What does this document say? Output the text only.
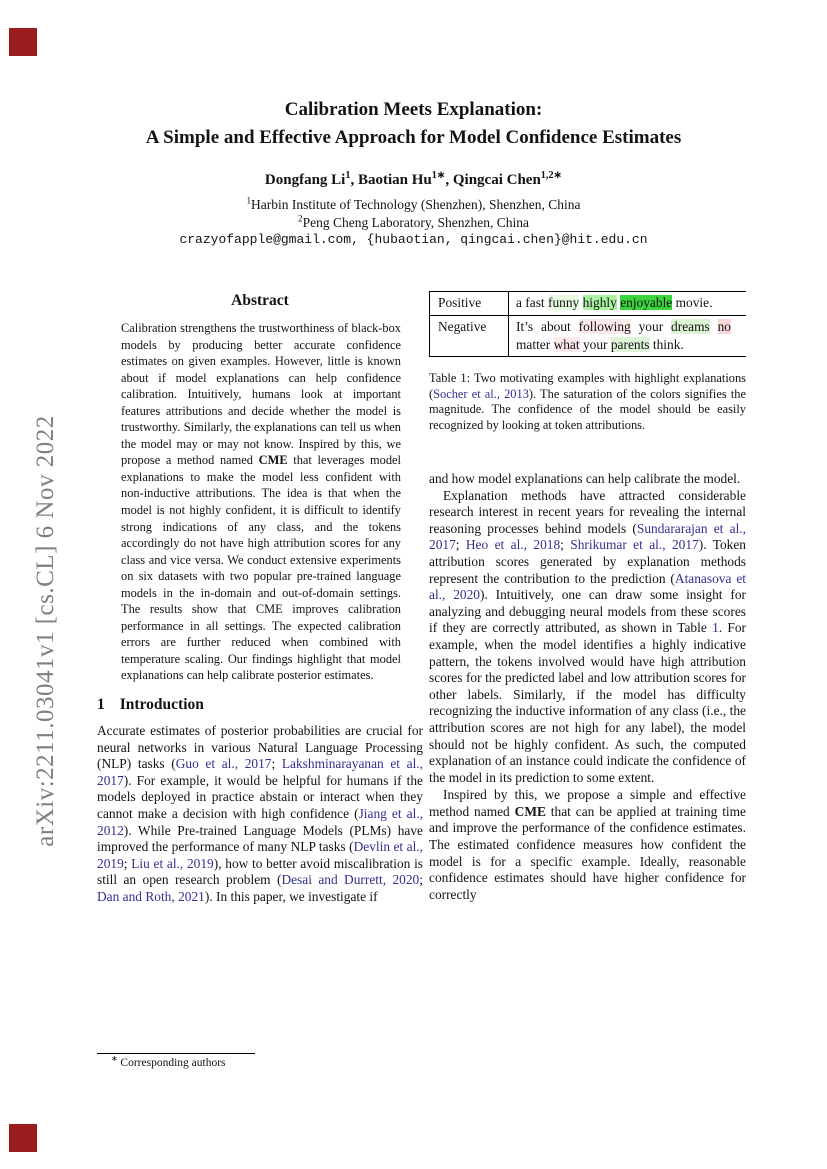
arXiv:2211.03041v1 [cs.CL] 6 Nov 2022
Calibration Meets Explanation:
A Simple and Effective Approach for Model Confidence Estimates
Dongfang Li$^1$, Baotian $Hu^{1∗}$, Qingcai Chen$^{1,2∗}$
$^1$Harbin Institute of Technology (Shenzhen), Shenzhen, China
$^2$Peng Cheng Laboratory, Shenzhen, China
crazyofapple@gmail.com, {hubaotian, qingcai.chen}@hit.edu.cn
Abstract
Calibration strengthens the trustworthiness of black-box models by producing better accurate confidence estimates on given examples. However, little is known about if model explanations can help confidence calibration. Intuitively, humans look at important features attributions and decide whether the model is trustworthy. Similarly, the explanations can tell us when the model may or may not know. Inspired by this, we propose a method named CME that leverages model explanations to make the model less confident with non-inductive attributions. The idea is that when the model is not highly confident, it is difficult to identify strong indications of any class, and the tokens accordingly do not have high attribution scores for any class and vice versa. We conduct extensive experiments on six datasets with two popular pre-trained language models in the in-domain and out-of-domain settings. The results show that CME improves calibration performance in all settings. The expected calibration errors are further reduced when combined with temperature scaling. Our findings highlight that model explanations can help calibrate posterior estimates.
1 Introduction
Accurate estimates of posterior probabilities are crucial for neural networks in various Natural Language Processing (NLP) tasks (Guo et al., 2017; Lakshminarayanan et al., 2017). For example, it would be helpful for humans if the models deployed in practice abstain or interact when they cannot make a decision with high confidence (Jiang et al., 2012). While Pre-trained Language Models (PLMs) have improved the performance of many NLP tasks (Devlin et al., 2019; Liu et al., 2019), how to better avoid miscalibration is still an open research problem (Desai and Durrett, 2020; Dan and Roth, 2021). In this paper, we investigate if
Positive	a fast funny highly enjoyable movie.
Negative	It’s about following your dreams no matter what your parents think.
Table 1: Two motivating examples with highlight explanations (Socher et al., 2013). The saturation of the colors signifies the magnitude. The confidence of the model should be easily recognized by looking at token attributions.
and how model explanations can help calibrate the model.
Explanation methods have attracted considerable research interest in recent years for revealing the internal reasoning processes behind models (Sundararajan et al., 2017; Heo et al., 2018; Shrikumar et al., 2017). Token attribution scores generated by explanation methods represent the contribution to the prediction (Atanasova et al., 2020). Intuitively, one can draw some insight for analyzing and debugging neural models from these scores if they are correctly attributed, as shown in Table 1. For example, when the model identifies a highly indicative pattern, the tokens involved would have high attribution scores for the predicted label and low attribution scores for other labels. Similarly, if the model has difficulty recognizing the inductive information of any class (i.e., the attribution scores are not high for any label), the model should not be highly confident. As such, the computed explanation of an instance could indicate the confidence of the model in its prediction to some extent.
Inspired by this, we propose a simple and effective method named CME that can be applied at training time and improve the performance of the confidence estimates. The estimated confidence measures how confident the model is for a specific example. Ideally, reasonable confidence estimates should have higher confidence for correctly
∗ Corresponding authors
